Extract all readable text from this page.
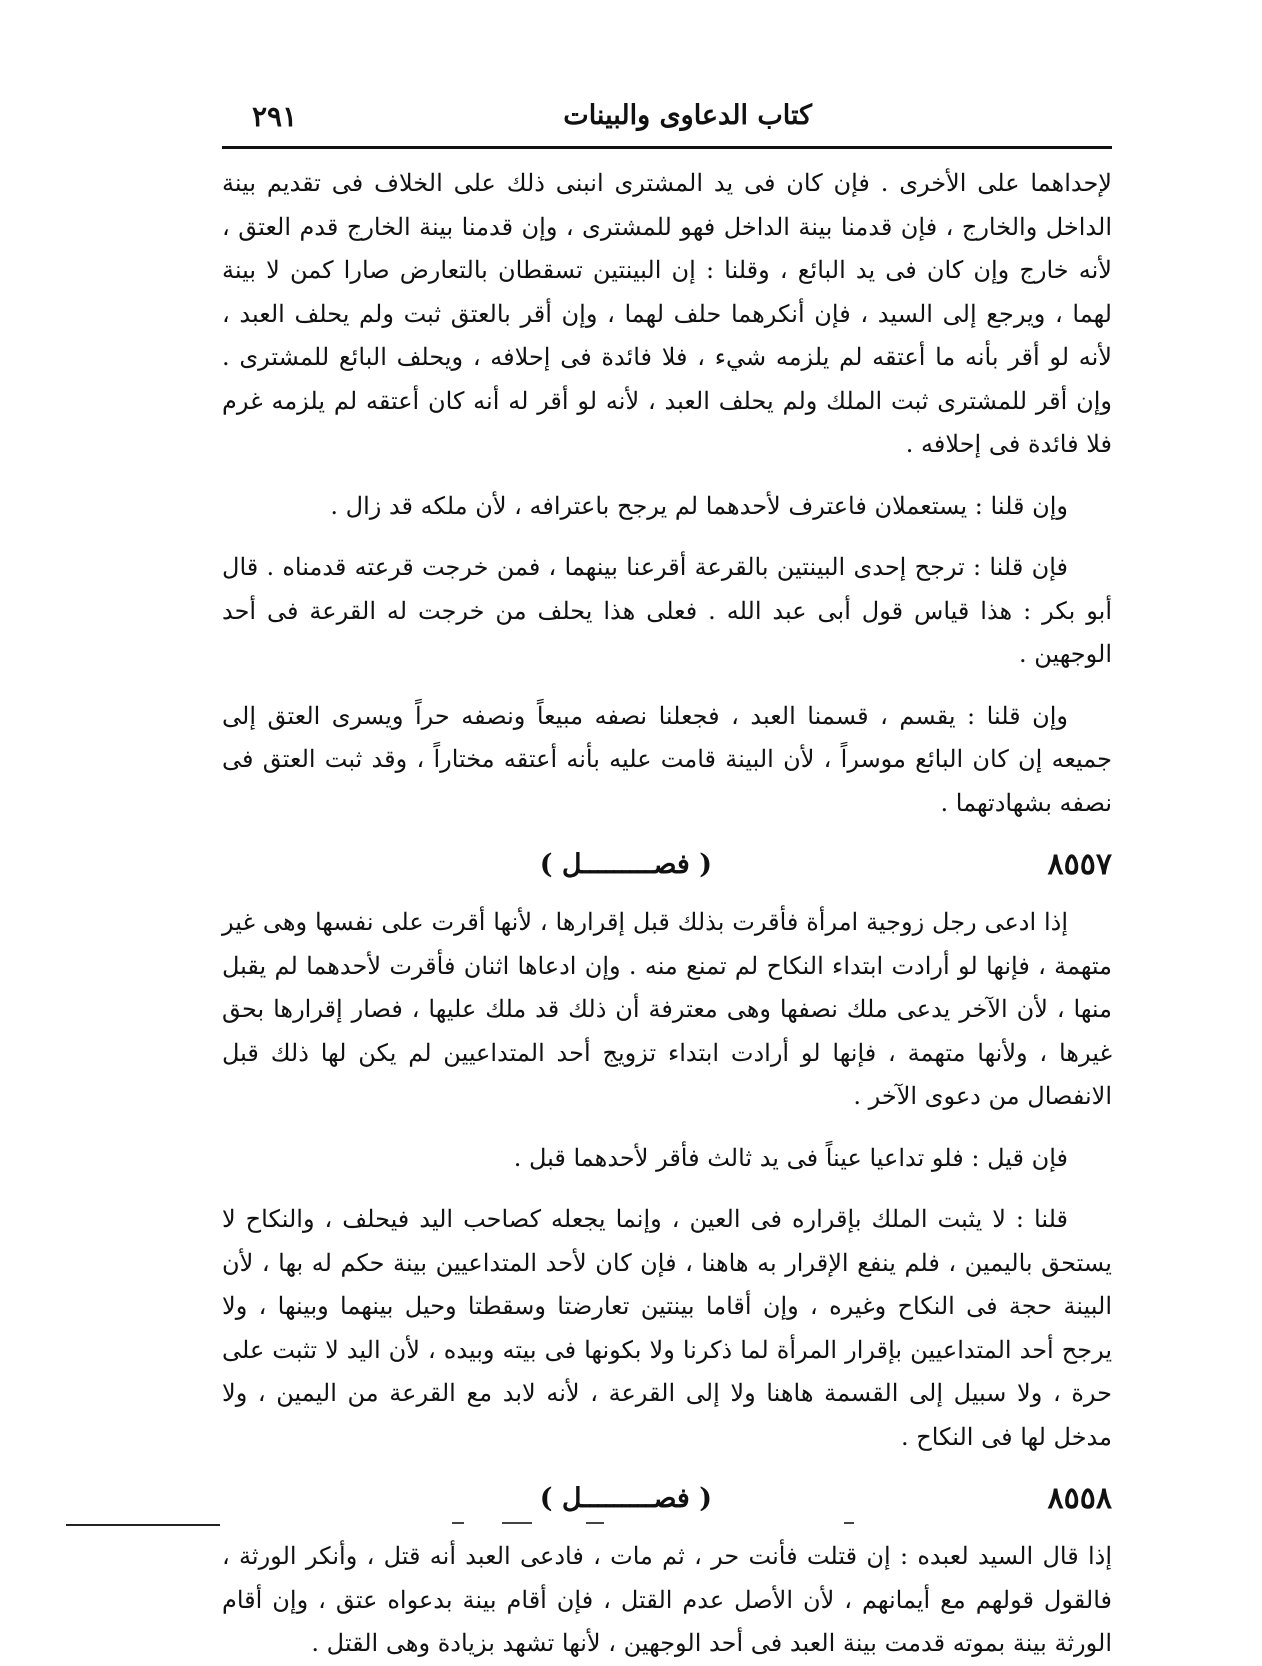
كتاب الدعاوى والبينات
٢٩١

لإحداهما على الأخرى . فإن كان فى يد المشترى انبنى ذلك على الخلاف فى تقديم بينة الداخل والخارج ، فإن قدمنا بينة الداخل فهو للمشترى ، وإن قدمنا بينة الخارج قدم العتق ، لأنه خارج وإن كان فى يد البائع ، وقلنا : إن البينتين تسقطان بالتعارض صارا كمن لا بينة لهما ، ويرجع إلى السيد ، فإن أنكرهما حلف لهما ، وإن أقر بالعتق ثبت ولم يحلف العبد ، لأنه لو أقر بأنه ما أعتقه لم يلزمه شيء ، فلا فائدة فى إحلافه ، ويحلف البائع للمشترى . وإن أقر للمشترى ثبت الملك ولم يحلف العبد ، لأنه لو أقر له أنه كان أعتقه لم يلزمه غرم فلا فائدة فى إحلافه .

وإن قلنا : يستعملان فاعترف لأحدهما لم يرجح باعترافه ، لأن ملكه قد زال .

فإن قلنا : ترجح إحدى البينتين بالقرعة أقرعنا بينهما ، فمن خرجت قرعته قدمناه . قال أبو بكر : هذا قياس قول أبى عبد الله . فعلى هذا يحلف من خرجت له القرعة فى أحد الوجهين .

وإن قلنا : يقسم ، قسمنا العبد ، فجعلنا نصفه مبيعاً ونصفه حراً ويسرى العتق إلى جميعه إن كان البائع موسراً ، لأن البينة قامت عليه بأنه أعتقه مختاراً ، وقد ثبت العتق فى نصفه بشهادتهما .

٨٥٥٧
( فصـــــــــل )

إذا ادعى رجل زوجية امرأة فأقرت بذلك قبل إقرارها ، لأنها أقرت على نفسها وهى غير متهمة ، فإنها لو أرادت ابتداء النكاح لم تمنع منه . وإن ادعاها اثنان فأقرت لأحدهما لم يقبل منها ، لأن الآخر يدعى ملك نصفها وهى معترفة أن ذلك قد ملك عليها ، فصار إقرارها بحق غيرها ، ولأنها متهمة ، فإنها لو أرادت ابتداء تزويج أحد المتداعيين لم يكن لها ذلك قبل الانفصال من دعوى الآخر .

فإن قيل : فلو تداعيا عيناً فى يد ثالث فأقر لأحدهما قبل .

قلنا : لا يثبت الملك بإقراره فى العين ، وإنما يجعله كصاحب اليد فيحلف ، والنكاح لا يستحق باليمين ، فلم ينفع الإقرار به هاهنا ، فإن كان لأحد المتداعيين بينة حكم له بها ، لأن البينة حجة فى النكاح وغيره ، وإن أقاما بينتين تعارضتا وسقطتا وحيل بينهما وبينها ، ولا يرجح أحد المتداعيين بإقرار المرأة لما ذكرنا ولا بكونها فى بيته وبيده ، لأن اليد لا تثبت على حرة ، ولا سبيل إلى القسمة هاهنا ولا إلى القرعة ، لأنه لابد مع القرعة من اليمين ، ولا مدخل لها فى النكاح .

٨٥٥٨
( فصـــــــــل )

إذا قال السيد لعبده : إن قتلت فأنت حر ، ثم مات ، فادعى العبد أنه قتل ، وأنكر الورثة ، فالقول قولهم مع أيمانهم ، لأن الأصل عدم القتل ، فإن أقام بينة بدعواه عتق ، وإن أقام الورثة بينة بموته قدمت بينة العبد فى أحد الوجهين ، لأنها تشهد بزيادة وهى القتل .
